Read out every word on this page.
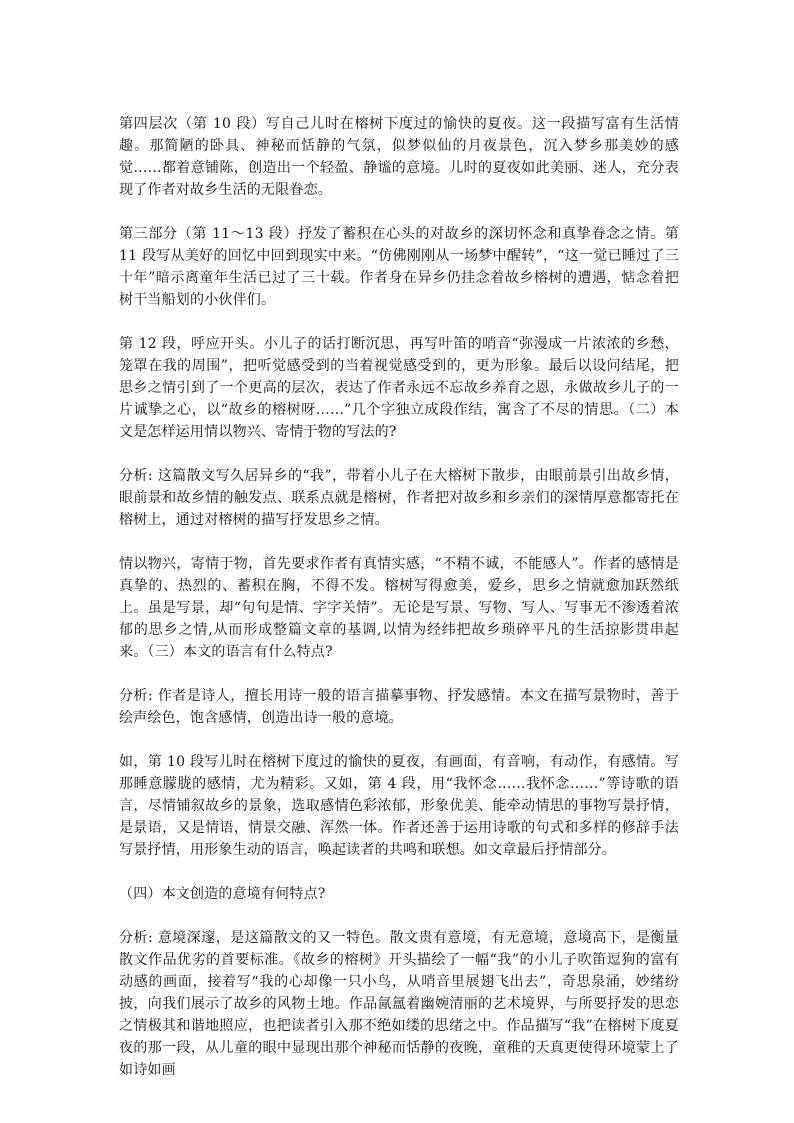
第四层次（第 10 段）写自己儿时在榕树下度过的愉快的夏夜。这一段描写富有生活情趣。那简陋的卧具、神秘而恬静的气氛，似梦似仙的月夜景色，沉入梦乡那美妙的感觉……都着意铺陈，创造出一个轻盈、静谧的意境。儿时的夏夜如此美丽、迷人，充分表现了作者对故乡生活的无限眷恋。

第三部分（第 11～13 段）抒发了蓄积在心头的对故乡的深切怀念和真挚眷念之情。第 11 段写从美好的回忆中回到现实中来。“仿佛刚刚从一场梦中醒转”，“这一觉已睡过了三十年”暗示离童年生活已过了三十载。作者身在异乡仍挂念着故乡榕树的遭遇，惦念着把树干当船划的小伙伴们。

第 12 段，呼应开头。小儿子的话打断沉思，再写叶笛的哨音“弥漫成一片浓浓的乡愁，笼罩在我的周围”，把听觉感受到的当着视觉感受到的，更为形象。最后以设问结尾，把思乡之情引到了一个更高的层次，表达了作者永远不忘故乡养育之恩，永做故乡儿子的一片诚挚之心，以“故乡的榕树呀……”几个字独立成段作结，寓含了不尽的情思。（二）本文是怎样运用情以物兴、寄情于物的写法的?

分析: 这篇散文写久居异乡的“我”，带着小儿子在大榕树下散步，由眼前景引出故乡情，眼前景和故乡情的触发点、联系点就是榕树，作者把对故乡和乡亲们的深情厚意都寄托在榕树上，通过对榕树的描写抒发思乡之情。

情以物兴，寄情于物，首先要求作者有真情实感，“不精不诚，不能感人”。作者的感情是真挚的、热烈的、蓄积在胸，不得不发。榕树写得愈美，爱乡，思乡之情就愈加跃然纸上。虽是写景，却“句句是情、字字关情”。无论是写景、写物、写人、写事无不渗透着浓郁的思乡之情,从而形成整篇文章的基调,以情为经纬把故乡琐碎平凡的生活掠影贯串起来。（三）本文的语言有什么特点?

分析: 作者是诗人，擅长用诗一般的语言描摹事物、抒发感情。本文在描写景物时，善于绘声绘色，饱含感情，创造出诗一般的意境。

如，第 10 段写儿时在榕树下度过的愉快的夏夜，有画面，有音响，有动作，有感情。写那睡意朦胧的感情，尤为精彩。又如，第 4 段，用“我怀念……我怀念……”等诗歌的语言，尽情铺叙故乡的景象，选取感情色彩浓郁，形象优美、能牵动情思的事物写景抒情，是景语，又是情语，情景交融、浑然一体。作者还善于运用诗歌的句式和多样的修辞手法写景抒情，用形象生动的语言，唤起读者的共鸣和联想。如文章最后抒情部分。

（四）本文创造的意境有何特点?

分析: 意境深邃，是这篇散文的又一特色。散文贵有意境，有无意境，意境高下，是衡量散文作品优劣的首要标准。《故乡的榕树》开头描绘了一幅“我”的小儿子吹笛逗狗的富有动感的画面，接着写“我的心却像一只小鸟，从哨音里展翅飞出去”，奇思泉涌，妙绪纷披，向我们展示了故乡的风物土地。作品氤氲着幽婉清丽的艺术境界，与所要抒发的思恋之情极其和谐地照应，也把读者引入那不绝如缕的思绪之中。作品描写“我”在榕树下度夏夜的那一段，从儿童的眼中显现出那个神秘而恬静的夜晚，童稚的天真更使得环境蒙上了如诗如画
